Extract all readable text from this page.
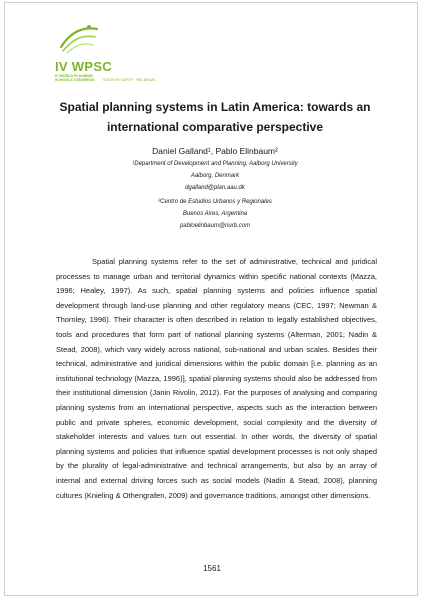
IV WPSC
IV WORLD PLANNING SCHOOLS CONGRESS	SOUTH BY NORTH · RIO, BRAZIL
Spatial planning systems in Latin America: towards an international comparative perspective
Daniel Galland¹, Pablo Elinbaum²
¹Department of Development and Planning, Aalborg University
Aalborg, Denmark
dgalland@plan.aau.dk
²Centro de Estudios Urbanos y Regionales
Buenos Aires, Argentina
pabloelinbaum@riurb.com

Spatial planning systems refer to the set of administrative, technical and juridical processes to manage urban and territorial dynamics within specific national contexts (Mazza, 1996; Healey, 1997). As such, spatial planning systems and policies influence spatial development through land-use planning and other regulatory means (CEC, 1997; Newman & Thornley, 1996). Their character is often described in relation to legally established objectives, tools and procedures that form part of national planning systems (Alterman, 2001; Nadin & Stead, 2008), which vary widely across national, sub-national and urban scales. Besides their technical, administrative and juridical dimensions within the public domain [i.e. planning as an institutional technology (Mazza, 1996)], spatial planning systems should also be addressed from their institutional dimension (Janin Rivolin, 2012). For the purposes of analysing and comparing planning systems from an international perspective, aspects such as the interaction between public and private spheres, economic development, social complexity and the diversity of stakeholder interests and values turn out essential. In other words, the diversity of spatial planning systems and policies that influence spatial development processes is not only shaped by the plurality of legal-administrative and technical arrangements, but also by an array of internal and external driving forces such as social models (Nadin & Stead, 2008), planning cultures (Knieling & Othengrafen, 2009) and governance traditions, amongst other dimensions.

1561
